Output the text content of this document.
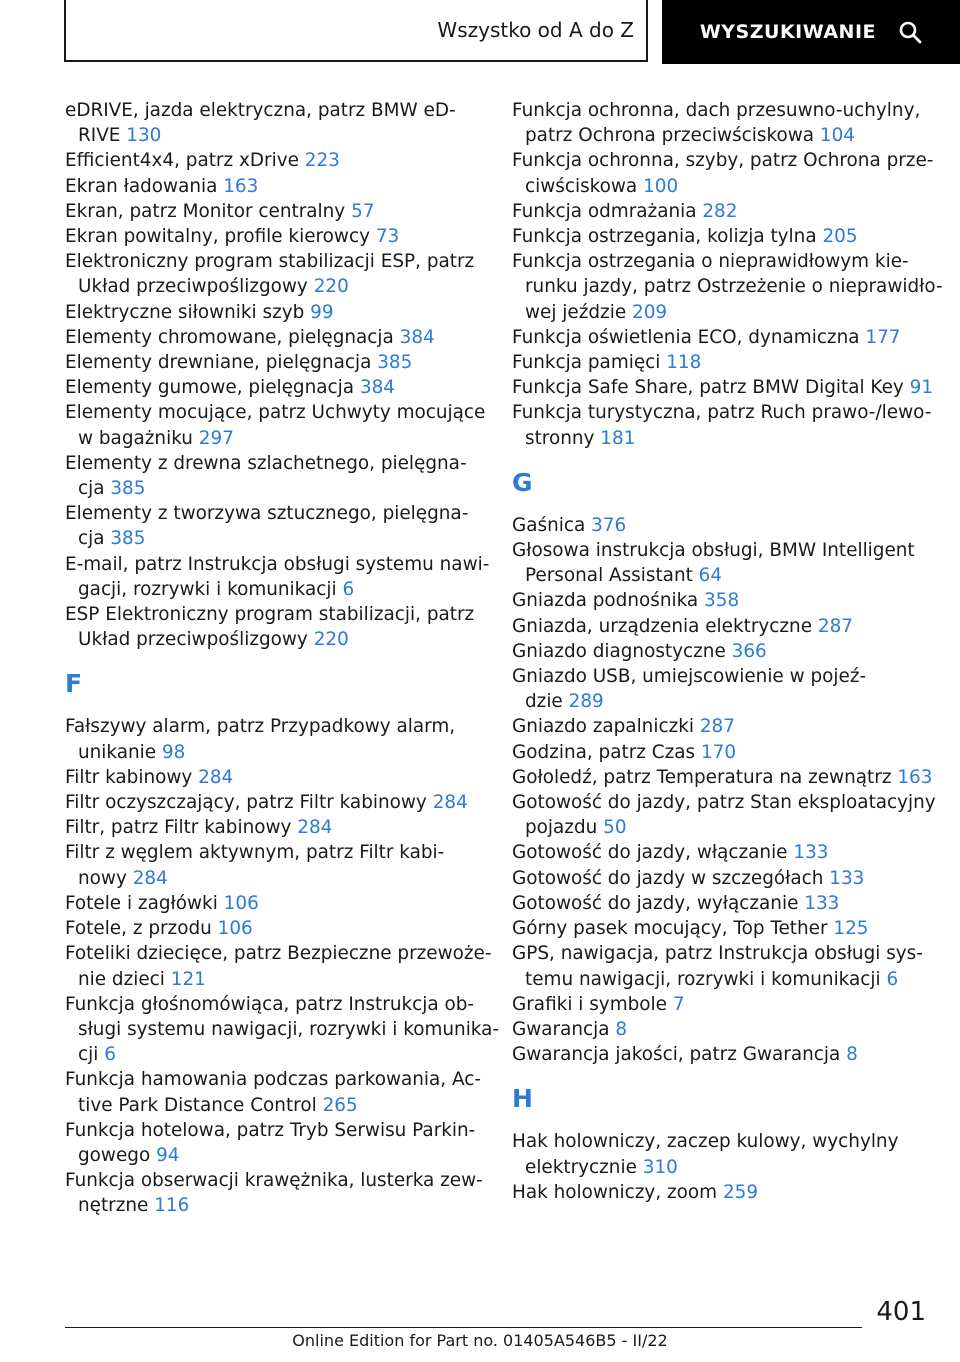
Wszystko od A do Z	WYSZUKIWANIE
eDRIVE, jazda elektryczna, patrz BMW eD-
RIVE 130
Efficient4x4, patrz xDrive 223
Ekran ładowania 163
Ekran, patrz Monitor centralny 57
Ekran powitalny, profile kierowcy 73
Elektroniczny program stabilizacji ESP, patrz
Układ przeciwpoślizgowy 220
Elektryczne siłowniki szyb 99
Elementy chromowane, pielęgnacja 384
Elementy drewniane, pielęgnacja 385
Elementy gumowe, pielęgnacja 384
Elementy mocujące, patrz Uchwyty mocujące
w bagażniku 297
Elementy z drewna szlachetnego, pielęgna-
cja 385
Elementy z tworzywa sztucznego, pielęgna-
cja 385
E-mail, patrz Instrukcja obsługi systemu nawi-
gacji, rozrywki i komunikacji 6
ESP Elektroniczny program stabilizacji, patrz
Układ przeciwpoślizgowy 220
F
Fałszywy alarm, patrz Przypadkowy alarm,
unikanie 98
Filtr kabinowy 284
Filtr oczyszczający, patrz Filtr kabinowy 284
Filtr, patrz Filtr kabinowy 284
Filtr z węglem aktywnym, patrz Filtr kabi-
nowy 284
Fotele i zagłówki 106
Fotele, z przodu 106
Foteliki dziecięce, patrz Bezpieczne przewoże-
nie dzieci 121
Funkcja głośnomówiąca, patrz Instrukcja ob-
sługi systemu nawigacji, rozrywki i komunika-
cji 6
Funkcja hamowania podczas parkowania, Ac-
tive Park Distance Control 265
Funkcja hotelowa, patrz Tryb Serwisu Parkin-
gowego 94
Funkcja obserwacji krawężnika, lusterka zew-
nętrzne 116
Funkcja ochronna, dach przesuwno-uchylny,
patrz Ochrona przeciwściskowa 104
Funkcja ochronna, szyby, patrz Ochrona prze-
ciwściskowa 100
Funkcja odmrażania 282
Funkcja ostrzegania, kolizja tylna 205
Funkcja ostrzegania o nieprawidłowym kie-
runku jazdy, patrz Ostrzeżenie o nieprawidło-
wej jeździe 209
Funkcja oświetlenia ECO, dynamiczna 177
Funkcja pamięci 118
Funkcja Safe Share, patrz BMW Digital Key 91
Funkcja turystyczna, patrz Ruch prawo-/lewo-
stronny 181
G
Gaśnica 376
Głosowa instrukcja obsługi, BMW Intelligent
Personal Assistant 64
Gniazda podnośnika 358
Gniazda, urządzenia elektryczne 287
Gniazdo diagnostyczne 366
Gniazdo USB, umiejscowienie w pojeź-
dzie 289
Gniazdo zapalniczki 287
Godzina, patrz Czas 170
Gołoledź, patrz Temperatura na zewnątrz 163
Gotowość do jazdy, patrz Stan eksploatacyjny
pojazdu 50
Gotowość do jazdy, włączanie 133
Gotowość do jazdy w szczegółach 133
Gotowość do jazdy, wyłączanie 133
Górny pasek mocujący, Top Tether 125
GPS, nawigacja, patrz Instrukcja obsługi sys-
temu nawigacji, rozrywki i komunikacji 6
Grafiki i symbole 7
Gwarancja 8
Gwarancja jakości, patrz Gwarancja 8
H
Hak holowniczy, zaczep kulowy, wychylny
elektrycznie 310
Hak holowniczy, zoom 259
401
Online Edition for Part no. 01405A546B5 - II/22
